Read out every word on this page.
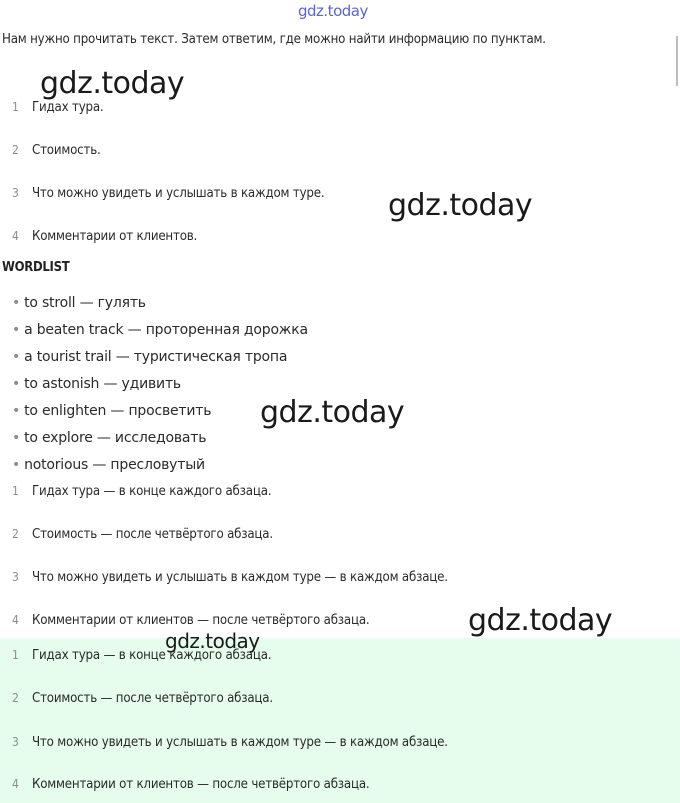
gdz.today
Нам нужно прочитать текст. Затем ответим, где можно найти информацию по пунктам.
1 Гидах тура.
2 Стоимость.
3 Что можно увидеть и услышать в каждом туре.
4 Комментарии от клиентов.
WORDLIST
• to stroll — гулять
• a beaten track — проторенная дорожка
• a tourist trail — туристическая тропа
• to astonish — удивить
• to enlighten — просветить
• to explore — исследовать
• notorious — пресловутый
1 Гидах тура — в конце каждого абзаца.
2 Стоимость — после четвёртого абзаца.
3 Что можно увидеть и услышать в каждом туре — в каждом абзаце.
4 Комментарии от клиентов — после четвёртого абзаца.
1 Гидах тура — в конце каждого абзаца.
2 Стоимость — после четвёртого абзаца.
3 Что можно увидеть и услышать в каждом туре — в каждом абзаце.
4 Комментарии от клиентов — после четвёртого абзаца.
gdz.today
gdz.today
gdz.today
gdz.today
gdz.today
